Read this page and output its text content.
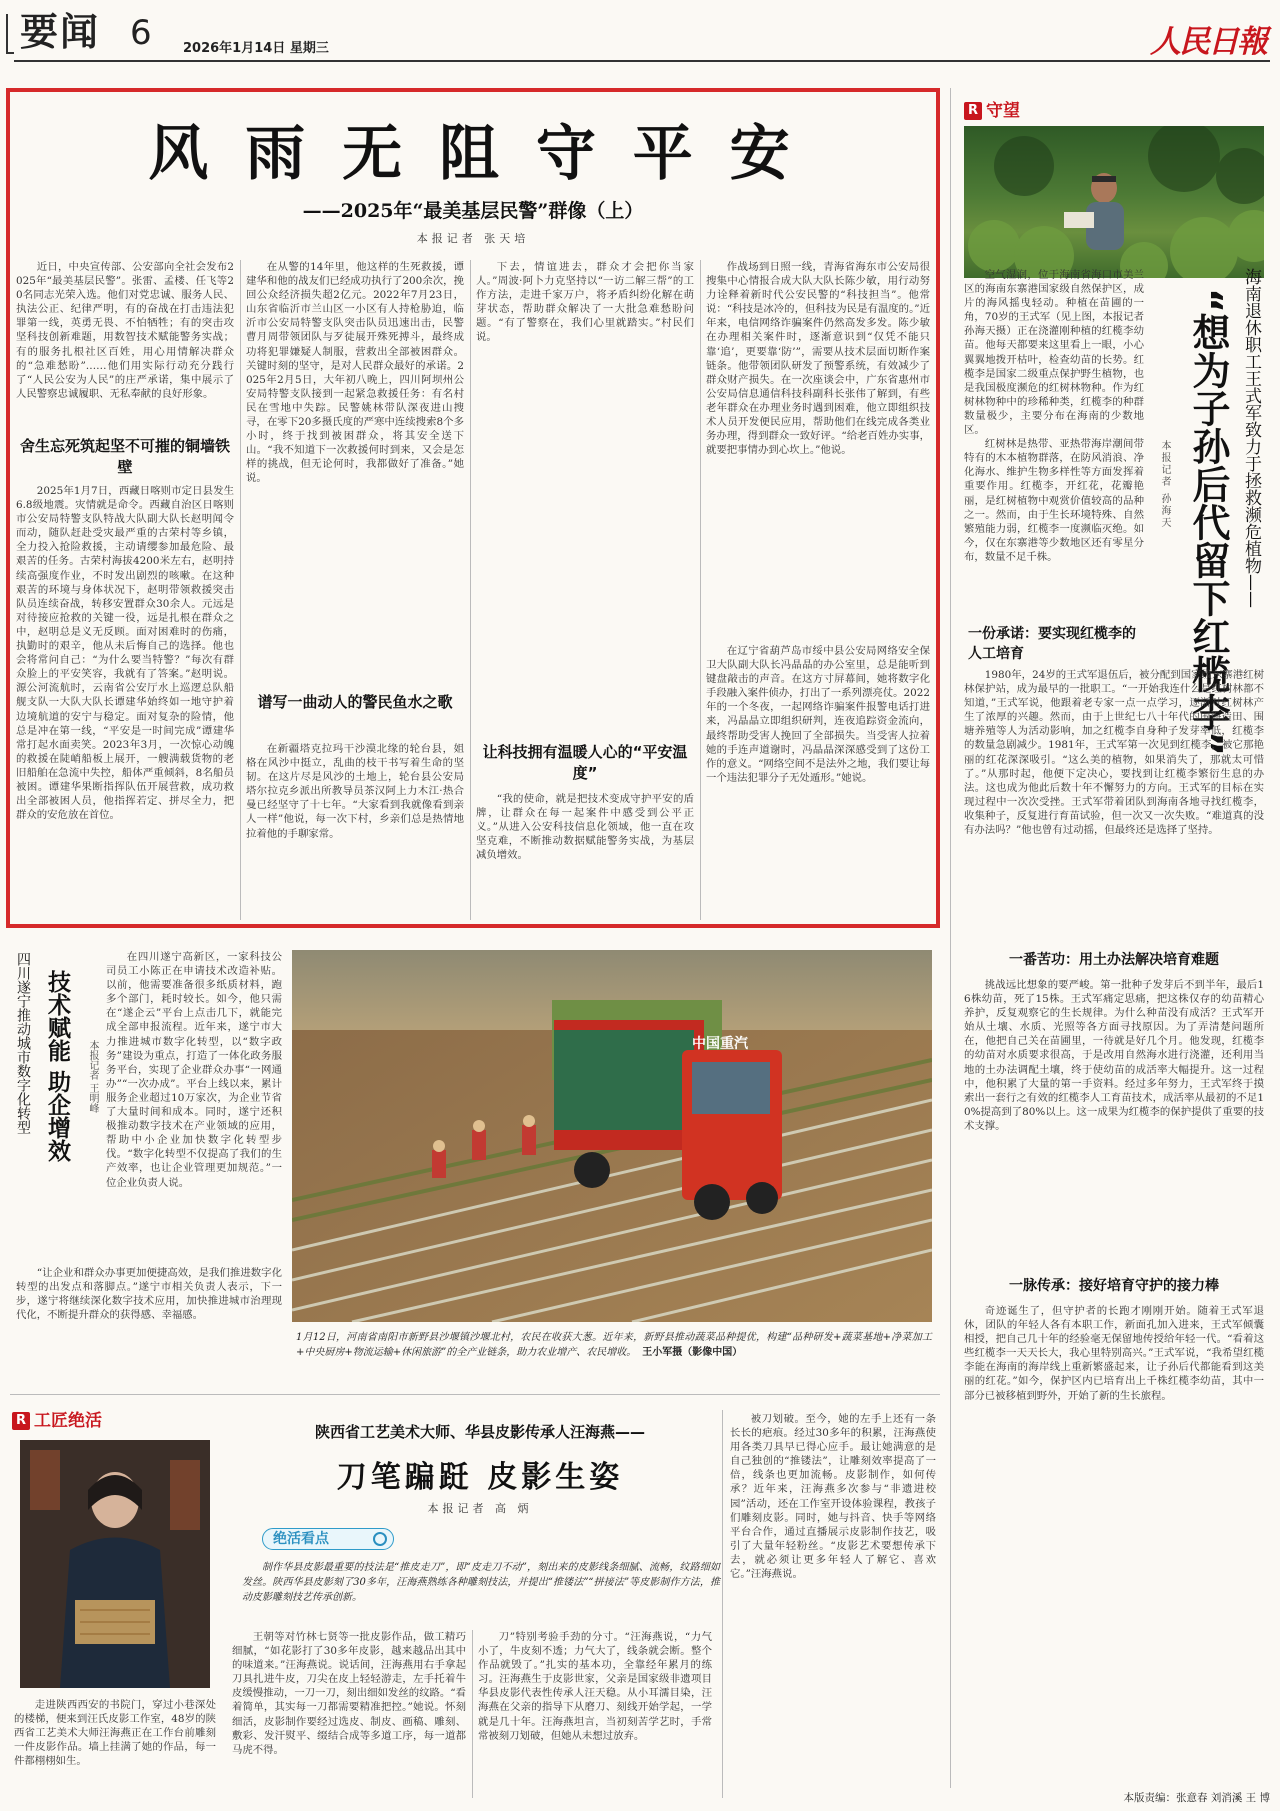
要闻 6 2026年1月14日 星期三	人民日報
风 雨 无 阻 守 平 安
——2025年“最美基层民警”群像（上）
本报记者 张天培

近日，中央宣传部、公安部向全社会发布2025年“最美基层民警”。张雷、孟楼、任飞等20名同志光荣入选。他们对党忠诚、服务人民、执法公正、纪律严明，有的奋战在打击违法犯罪第一线，英勇无畏、不怕牺牲；有的突击攻坚科技创新难题，用数智技术赋能警务实战；有的服务扎根社区百姓，用心用情解决群众的“急难愁盼”……他们用实际行动充分践行了“人民公安为人民”的庄严承诺，集中展示了人民警察忠诚履职、无私奉献的良好形象。

舍生忘死筑起坚不可摧的铜墙铁壁

2025年1月7日，西藏日喀则市定日县发生6.8级地震。灾情就是命令。西藏自治区日喀则市公安局特警支队特战大队副大队长赵明闻令而动，随队赶赴受灾最严重的古荣村等乡镇，全力投入抢险救援，主动请缨参加最危险、最艰苦的任务。古荣村海拔4200米左右，赵明持续高强度作业，不时发出剧烈的咳嗽。在这种艰苦的环境与身体状况下，赵明带领救援突击队员连续奋战，转移安置群众30余人。元远是对待接应抢救的关键一役，远是扎根在群众之中，赵明总是义无反顾。面对困难时的伤痛，执勤时的艰辛，他从未后悔自己的选择。他也会将常问自己：“为什么要当特警？”每次有群众脸上的平安笑容，我就有了答案。”赵明说。源公河流航时，云南省公安厅水上巡逻总队船舰支队一大队大队长谭建华始终如一地守护着边境航道的安宁与稳定。面对复杂的险情，他总是冲在第一线，“平安是一时间完成”谭建华常打起水面卖笑。2023年3月，一次惊心动魄的救援在陡峭船板上展开，一艘满载货物的老旧船舶在急流中失控，船体严重倾斜，8名船员被困。谭建华果断指挥队伍开展营救，成功救出全部被困人员，他指挥若定、拼尽全力，把群众的安危放在首位。

在从警的14年里，他这样的生死救援，谭建华和他的战友们已经成功执行了200余次，挽回公众经济损失超2亿元。2022年7月23日，山东省临沂市兰山区一小区有人持枪胁迫，临沂市公安局特警支队突击队员迅速出击，民警曹月周带领团队与歹徒展开殊死搏斗，最终成功将犯罪嫌疑人制服，营救出全部被困群众。关键时刻的坚守，是对人民群众最好的承诺。2025年2月5日，大年初八晚上，四川阿坝州公安局特警支队接到一起紧急救援任务：有名村民在雪地中失踪。民警姚林带队深夜进山搜寻，在零下20多摄氏度的严寒中连续搜索8个多小时，终于找到被困群众，将其安全送下山。“我不知道下一次救援何时到来，又会是怎样的挑战，但无论何时，我都做好了准备。”她说。

谱写一曲动人的警民鱼水之歌

在新疆塔克拉玛干沙漠北缘的轮台县，姐格在风沙中挺立，乱曲的枝干书写着生命的坚韧。在这片尽是风沙的土地上，轮台县公安局塔尔拉克乡派出所教导员茶汉阿上力木江·热合曼已经坚守了十七年。“大家看到我就像看到亲人一样”他说，每一次下村，乡亲们总是热情地拉着他的手聊家常。

下去，情谊进去，群众才会把你当家人。”周波·阿卜力克坚持以“一访二解三帮”的工作方法，走进千家万户，将矛盾纠纷化解在萌芽状态，帮助群众解决了一大批急难愁盼问题。“有了警察在，我们心里就踏实。”村民们说。

让科技拥有温暖人心的“平安温度”

“我的使命，就是把技术变成守护平安的盾牌，让群众在每一起案件中感受到公平正义。”从进入公安科技信息化领域，他一直在攻坚克难，不断推动数据赋能警务实战，为基层减负增效。

作战场到日照一线，青海省海东市公安局很搜集中心情报合成大队大队长陈少敏，用行动努力诠释着新时代公安民警的“科技担当”。他常说：“科技是冰冷的，但科技为民是有温度的。”近年来，电信网络诈骗案件仍然高发多发。陈少敏在办理相关案件时，逐渐意识到“仅凭不能只靠‘追’，更要靠‘防’”，需要从技术层面切断作案链条。他带领团队研发了预警系统，有效减少了群众财产损失。在一次座谈会中，广东省惠州市公安局信息通信科技科副科长张伟了解到，有些老年群众在办理业务时遇到困难，他立即组织技术人员开发便民应用，帮助他们在线完成各类业务办理，得到群众一致好评。“给老百姓办实事，就要把事情办到心坎上。”他说。

在辽宁省葫芦岛市绥中县公安局网络安全保卫大队副大队长冯晶晶的办公室里，总是能听到键盘敲击的声音。在这方寸屏幕间，她将数字化手段融入案件侦办，打出了一系列漂亮仗。2022年的一个冬夜，一起网络诈骗案件报警电话打进来，冯晶晶立即组织研判，连夜追踪资金流向，最终帮助受害人挽回了全部损失。当受害人拉着她的手连声道谢时，冯晶晶深深感受到了这份工作的意义。“网络空间不是法外之地，我们要让每一个违法犯罪分子无处遁形。”她说。

R 守望
海南退休职工王式军致力于拯救濒危植物——
“想为子孙后代留下红榄李”
本报记者 孙海天

空气湿润，位于海南省海口市美兰区的海南东寨港国家级自然保护区，成片的海风摇曳轻动。种植在苗圃的一角，70岁的王式军（见上图，本报记者孙海天摄）正在浇灌刚种植的红榄李幼苗。他每天都要来这里看上一眼，小心翼翼地拨开枯叶，检查幼苗的长势。红榄李是国家二级重点保护野生植物，也是我国极度濒危的红树林物种。作为红树林物种中的珍稀种类，红榄李的种群数量极少，主要分布在海南的少数地区。

红树林是热带、亚热带海岸潮间带特有的木本植物群落，在防风消浪、净化海水、维护生物多样性等方面发挥着重要作用。红榄李，开红花，花瓣艳丽，是红树植物中观赏价值较高的品种之一。然而，由于生长环境特殊、自然繁殖能力弱，红榄李一度濒临灭绝。如今，仅在东寨港等少数地区还有零星分布，数量不足千株。

一份承诺：要实现红榄李的人工培育

1980年，24岁的王式军退伍后，被分配到国家级东寨港红树林保护站，成为最早的一批职工。“一开始我连什么是红树林都不知道，”王式军说，他跟着老专家一点一点学习，逐渐对红树林产生了浓厚的兴趣。然而，由于上世纪七八十年代的围海造田、围塘养殖等人为活动影响，加之红榄李自身种子发芽率低，红榄李的数量急剧减少。1981年，王式军第一次见到红榄李，被它那艳丽的红花深深吸引。“这么美的植物，如果消失了，那就太可惜了。”从那时起，他便下定决心，要找到让红榄李繁衍生息的办法。这也成为他此后数十年不懈努力的方向。王式军的目标在实现过程中一次次受挫。王式军带着团队到海南各地寻找红榄李，收集种子，反复进行育苗试验，但一次又一次失败。“难道真的没有办法吗？”他也曾有过动摇，但最终还是选择了坚持。

一番苦功：用土办法解决培育难题

挑战远比想象的要严峻。第一批种子发芽后不到半年，最后16株幼苗，死了15株。王式军痛定思痛，把这株仅存的幼苗精心养护，反复观察它的生长规律。为什么种苗没有成活？王式军开始从土壤、水质、光照等各方面寻找原因。为了弄清楚问题所在，他把自己关在苗圃里，一待就是好几个月。他发现，红榄李的幼苗对水质要求很高，于是改用自然海水进行浇灌，还利用当地的土办法调配土壤，终于使幼苗的成活率大幅提升。这一过程中，他积累了大量的第一手资料。经过多年努力，王式军终于摸索出一套行之有效的红榄李人工育苗技术，成活率从最初的不足10%提高到了80%以上。这一成果为红榄李的保护提供了重要的技术支撑。

一脉传承：接好培育守护的接力棒

奇迹诞生了，但守护者的长跑才刚刚开始。随着王式军退休，团队的年轻人各有本职工作，新面孔加入进来，王式军倾囊相授，把自己几十年的经验毫无保留地传授给年轻一代。“看着这些红榄李一天天长大，我心里特别高兴。”王式军说，“我希望红榄李能在海南的海岸线上重新繁盛起来，让子孙后代都能看到这美丽的红花。”如今，保护区内已培育出上千株红榄李幼苗，其中一部分已被移植到野外，开始了新的生长旅程。

四川遂宁推动城市数字化转型 技术赋能 助企增效	本报记者 王明峰

在四川遂宁高新区，一家科技公司员工小陈正在申请技术改造补贴。以前，他需要准备很多纸质材料，跑多个部门，耗时较长。如今，他只需在“遂企云”平台上点击几下，就能完成全部申报流程。近年来，遂宁市大力推进城市数字化转型，以“数字政务”建设为重点，打造了一体化政务服务平台，实现了企业群众办事“一网通办”“一次办成”。平台上线以来，累计服务企业超过10万家次，为企业节省了大量时间和成本。同时，遂宁还积极推动数字技术在产业领域的应用，帮助中小企业加快数字化转型步伐。“数字化转型不仅提高了我们的生产效率，也让企业管理更加规范。”一位企业负责人说。

“让企业和群众办事更加便捷高效，是我们推进数字化转型的出发点和落脚点。”遂宁市相关负责人表示，下一步，遂宁将继续深化数字技术应用，加快推进城市治理现代化，不断提升群众的获得感、幸福感。

中国重汽
1月12日，河南省南阳市新野县沙堰镇沙堰北村，农民在收获大葱。近年来，新野县推动蔬菜品种提优，构建“品种研发+蔬菜基地+净菜加工+中央厨房+物流运输+休闲旅游”的全产业链条，助力农业增产、农民增收。 王小军摄（影像中国）
R 工匠绝活

走进陕西西安的书院门，穿过小巷深处的楼梯，便来到汪氏皮影工作室，48岁的陕西省工艺美术大师汪海燕正在工作台前雕刻一件皮影作品。墙上挂满了她的作品，每一件都栩栩如生。

陕西省工艺美术大师、华县皮影传承人汪海燕——
刀笔蹁跹 皮影生姿
本报记者 高 炳
绝活看点
制作华县皮影最重要的技法是“推皮走刀”，即“皮走刀不动”，刻出来的皮影线条细腻、流畅，纹路细如发丝。陕西华县皮影刻了30多年，汪海燕熟练各种雕刻技法，并提出“推镂法”“拼接法”等皮影制作方法，推动皮影雕刻技艺传承创新。

王朝等对竹林七贤等一批皮影作品，做工精巧细腻，“如花影打了30多年皮影，越来越品出其中的味道来。”汪海燕说。说话间，汪海燕用右手拿起刀具扎进牛皮，刀尖在皮上轻轻游走，左手托着牛皮缓慢推动，一刀一刀，刻出细如发丝的纹路。“看着简单，其实每一刀都需要精准把控。”她说。怀刻细活，皮影制作要经过选皮、制皮、画稿、雕刻、敷彩、发汗熨平、缀结合成等多道工序，每一道都马虎不得。

刀”特别考验手劲的分寸。“汪海燕说，“力气小了，牛皮刻不透；力气大了，线条就会断。整个作品就毁了。”扎实的基本功，全靠经年累月的练习。汪海燕生于皮影世家，父亲是国家级非遗项目华县皮影代表性传承人汪天稳。从小耳濡目染，汪海燕在父亲的指导下从磨刀、刻线开始学起，一学就是几十年。汪海燕坦言，当初刻苦学艺时，手常常被刻刀划破，但她从未想过放弃。

被刀划破。至今，她的左手上还有一条长长的疤痕。经过30多年的积累，汪海燕使用各类刀具早已得心应手。最让她满意的是自己独创的“推镂法”，让雕刻效率提高了一倍，线条也更加流畅。皮影制作，如何传承？近年来，汪海燕多次参与“非遗进校园”活动，还在工作室开设体验课程，教孩子们雕刻皮影。同时，她与抖音、快手等网络平台合作，通过直播展示皮影制作技艺，吸引了大量年轻粉丝。“皮影艺术要想传承下去，就必须让更多年轻人了解它、喜欢它。”汪海燕说。

本版责编：张意春 刘消溪 王 博
